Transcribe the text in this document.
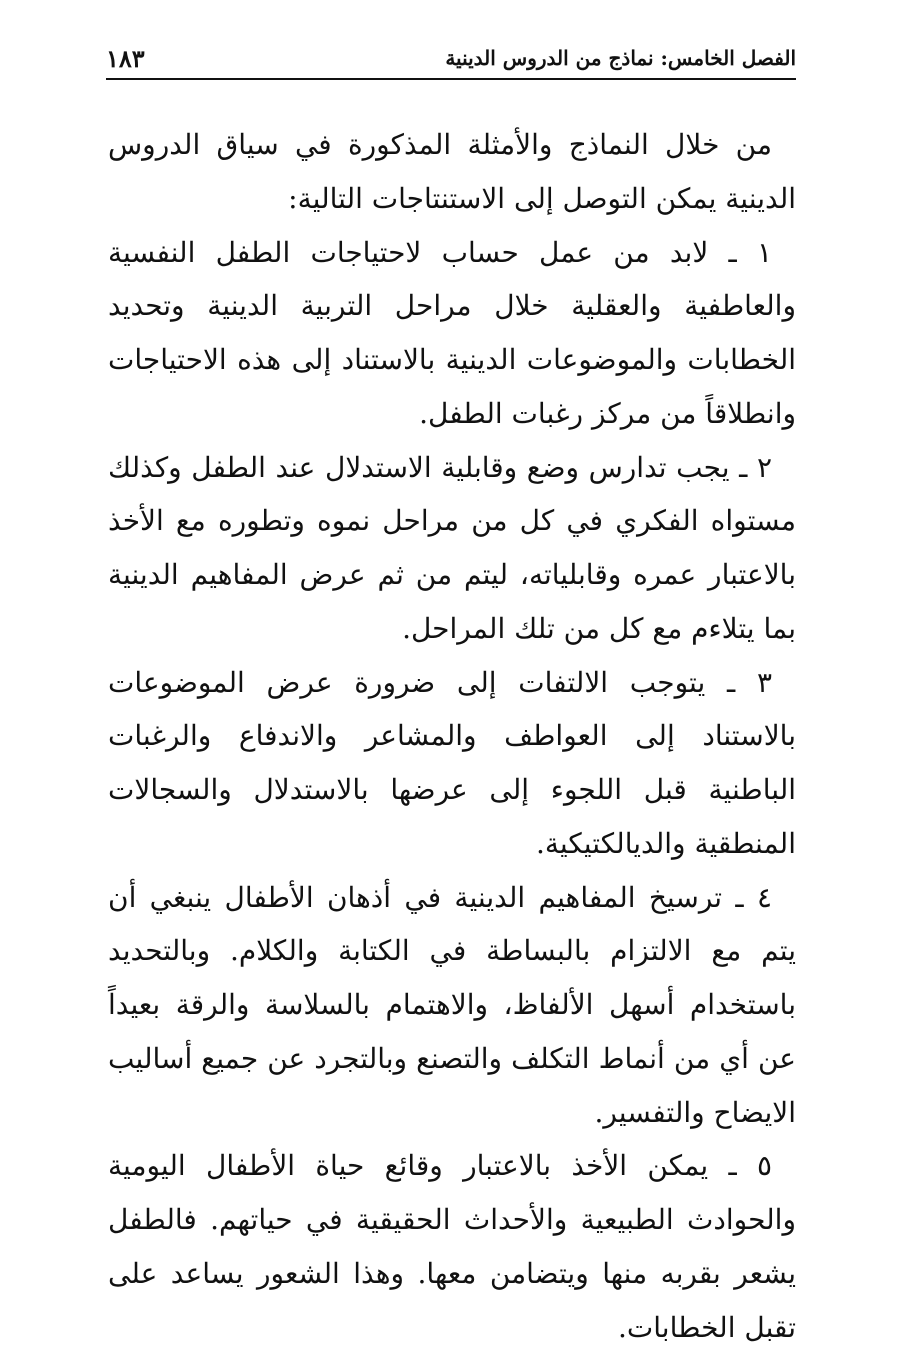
الفصل الخامس: نماذج من الدروس الدينية
١٨٣

من خلال النماذج والأمثلة المذكورة في سياق الدروس الدينية يمكن التوصل إلى الاستنتاجات التالية:

١ ـ لابد من عمل حساب لاحتياجات الطفل النفسية والعاطفية والعقلية خلال مراحل التربية الدينية وتحديد الخطابات والموضوعات الدينية بالاستناد إلى هذه الاحتياجات وانطلاقاً من مركز رغبات الطفل.

٢ ـ يجب تدارس وضع وقابلية الاستدلال عند الطفل وكذلك مستواه الفكري في كل من مراحل نموه وتطوره مع الأخذ بالاعتبار عمره وقابلياته، ليتم من ثم عرض المفاهيم الدينية بما يتلاءم مع كل من تلك المراحل.

٣ ـ يتوجب الالتفات إلى ضرورة عرض الموضوعات بالاستناد إلى العواطف والمشاعر والاندفاع والرغبات الباطنية قبل اللجوء إلى عرضها بالاستدلال والسجالات المنطقية والديالكتيكية.

٤ ـ ترسيخ المفاهيم الدينية في أذهان الأطفال ينبغي أن يتم مع الالتزام بالبساطة في الكتابة والكلام. وبالتحديد باستخدام أسهل الألفاظ، والاهتمام بالسلاسة والرقة بعيداً عن أي من أنماط التكلف والتصنع وبالتجرد عن جميع أساليب الايضاح والتفسير.

٥ ـ يمكن الأخذ بالاعتبار وقائع حياة الأطفال اليومية والحوادث الطبيعية والأحداث الحقيقية في حياتهم. فالطفل يشعر بقربه منها ويتضامن معها. وهذا الشعور يساعد على تقبل الخطابات.
